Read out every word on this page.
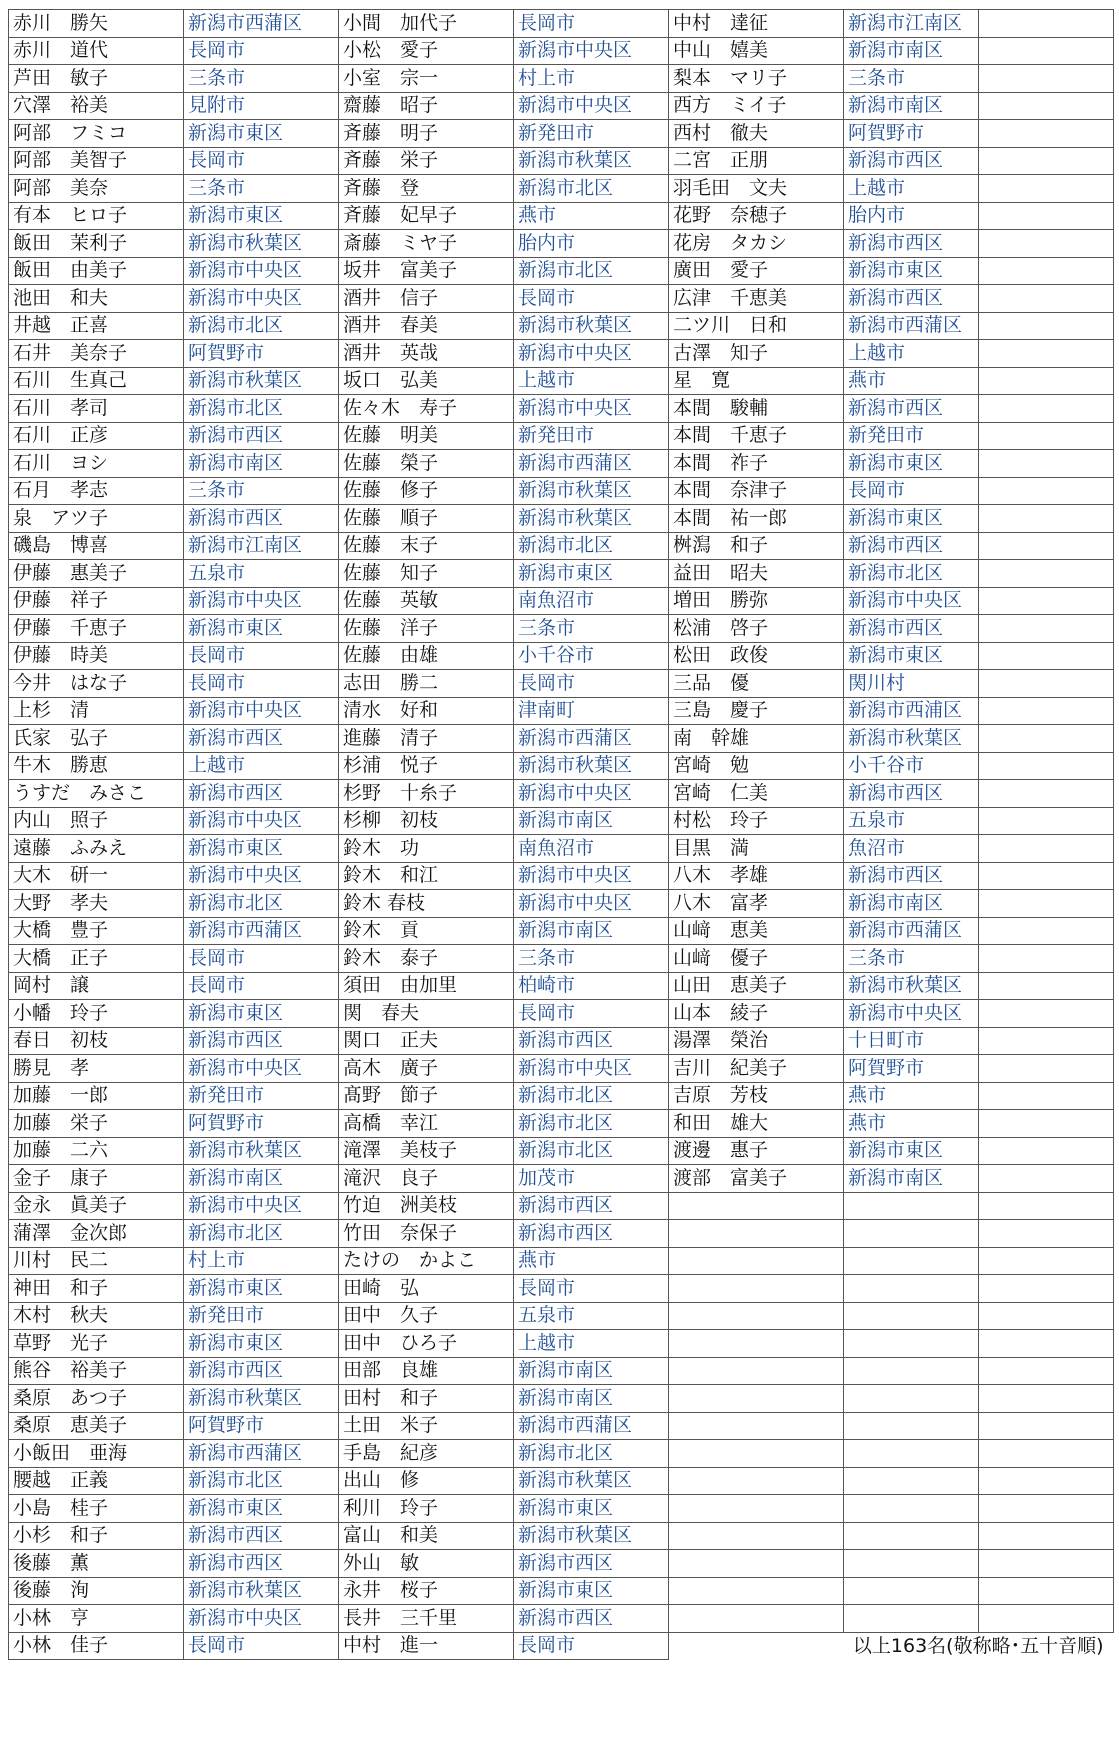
赤川　勝矢	新潟市西蒲区	小間　加代子	長岡市	中村　達征	新潟市江南区	
赤川　道代	長岡市	小松　愛子	新潟市中央区	中山　嬉美	新潟市南区	
芦田　敏子	三条市	小室　宗一	村上市	梨本　マリ子	三条市	
穴澤　裕美	見附市	齋藤　昭子	新潟市中央区	西方　ミイ子	新潟市南区	
阿部　フミコ	新潟市東区	斉藤　明子	新発田市	西村　徹夫	阿賀野市	
阿部　美智子	長岡市	斉藤　栄子	新潟市秋葉区	二宮　正朋	新潟市西区	
阿部　美奈	三条市	斉藤　登	新潟市北区	羽毛田　文夫	上越市	
有本　ヒロ子	新潟市東区	斉藤　妃早子	燕市	花野　奈穂子	胎内市	
飯田　茉利子	新潟市秋葉区	斎藤　ミヤ子	胎内市	花房　タカシ	新潟市西区	
飯田　由美子	新潟市中央区	坂井　富美子	新潟市北区	廣田　愛子	新潟市東区	
池田　和夫	新潟市中央区	酒井　信子	長岡市	広津　千恵美	新潟市西区	
井越　正喜	新潟市北区	酒井　春美	新潟市秋葉区	二ツ川　日和	新潟市西蒲区	
石井　美奈子	阿賀野市	酒井　英哉	新潟市中央区	古澤　知子	上越市	
石川　生真己	新潟市秋葉区	坂口　弘美	上越市	星　寛	燕市	
石川　孝司	新潟市北区	佐々木　寿子	新潟市中央区	本間　駿輔	新潟市西区	
石川　正彦	新潟市西区	佐藤　明美	新発田市	本間　千恵子	新発田市	
石川　ヨシ	新潟市南区	佐藤　榮子	新潟市西蒲区	本間　祚子	新潟市東区	
石月　孝志	三条市	佐藤　修子	新潟市秋葉区	本間　奈津子	長岡市	
泉　アツ子	新潟市西区	佐藤　順子	新潟市秋葉区	本間　祐一郎	新潟市東区	
磯島　博喜	新潟市江南区	佐藤　末子	新潟市北区	桝澙　和子	新潟市西区	
伊藤　惠美子	五泉市	佐藤　知子	新潟市東区	益田　昭夫	新潟市北区	
伊藤　祥子	新潟市中央区	佐藤　英敏	南魚沼市	増田　勝弥	新潟市中央区	
伊藤　千恵子	新潟市東区	佐藤　洋子	三条市	松浦　啓子	新潟市西区	
伊藤　時美	長岡市	佐藤　由雄	小千谷市	松田　政俊	新潟市東区	
今井　はな子	長岡市	志田　勝二	長岡市	三品　優	関川村	
上杉　清	新潟市中央区	清水　好和	津南町	三島　慶子	新潟市西浦区	
氏家　弘子	新潟市西区	進藤　清子	新潟市西蒲区	南　幹雄	新潟市秋葉区	
牛木　勝恵	上越市	杉浦　悦子	新潟市秋葉区	宮崎　勉	小千谷市	
うすだ　みさこ	新潟市西区	杉野　十糸子	新潟市中央区	宮崎　仁美	新潟市西区	
内山　照子	新潟市中央区	杉柳　初枝	新潟市南区	村松　玲子	五泉市	
遠藤　ふみえ	新潟市東区	鈴木　功	南魚沼市	目黒　満	魚沼市	
大木　研一	新潟市中央区	鈴木　和江	新潟市中央区	八木　孝雄	新潟市西区	
大野　孝夫	新潟市北区	鈴木 春枝	新潟市中央区	八木　富孝	新潟市南区	
大橋　豊子	新潟市西蒲区	鈴木　貢	新潟市南区	山﨑　恵美	新潟市西蒲区	
大橋　正子	長岡市	鈴木　泰子	三条市	山﨑　優子	三条市	
岡村　譲	長岡市	須田　由加里	柏崎市	山田　恵美子	新潟市秋葉区	
小幡　玲子	新潟市東区	関　春夫	長岡市	山本　綾子	新潟市中央区	
春日　初枝	新潟市西区	関口　正夫	新潟市西区	湯澤　榮治	十日町市	
勝見　孝	新潟市中央区	高木　廣子	新潟市中央区	吉川　紀美子	阿賀野市	
加藤　一郎	新発田市	髙野　節子	新潟市北区	吉原　芳枝	燕市	
加藤　栄子	阿賀野市	高橋　幸江	新潟市北区	和田　雄大	燕市	
加藤　二六	新潟市秋葉区	滝澤　美枝子	新潟市北区	渡邊　惠子	新潟市東区	
金子　康子	新潟市南区	滝沢　良子	加茂市	渡部　富美子	新潟市南区	
金永　眞美子	新潟市中央区	竹迫　洲美枝	新潟市西区			
蒲澤　金次郎	新潟市北区	竹田　奈保子	新潟市西区			
川村　民二	村上市	たけの　かよこ	燕市			
神田　和子	新潟市東区	田崎　弘	長岡市			
木村　秋夫	新発田市	田中　久子	五泉市			
草野　光子	新潟市東区	田中　ひろ子	上越市			
熊谷　裕美子	新潟市西区	田部　良雄	新潟市南区			
桑原　あつ子	新潟市秋葉区	田村　和子	新潟市南区			
桑原　恵美子	阿賀野市	土田　米子	新潟市西蒲区			
小飯田　亜海	新潟市西蒲区	手島　紀彦	新潟市北区			
腰越　正義	新潟市北区	出山　修	新潟市秋葉区			
小島　桂子	新潟市東区	利川　玲子	新潟市東区			
小杉　和子	新潟市西区	富山　和美	新潟市秋葉区			
後藤　薫	新潟市西区	外山　敏	新潟市西区			
後藤　洵	新潟市秋葉区	永井　桜子	新潟市東区			
小林　亨	新潟市中央区	長井　三千里	新潟市西区			
小林　佳子	長岡市	中村　進一	長岡市	以上163名(敬称略･五十音順)		
